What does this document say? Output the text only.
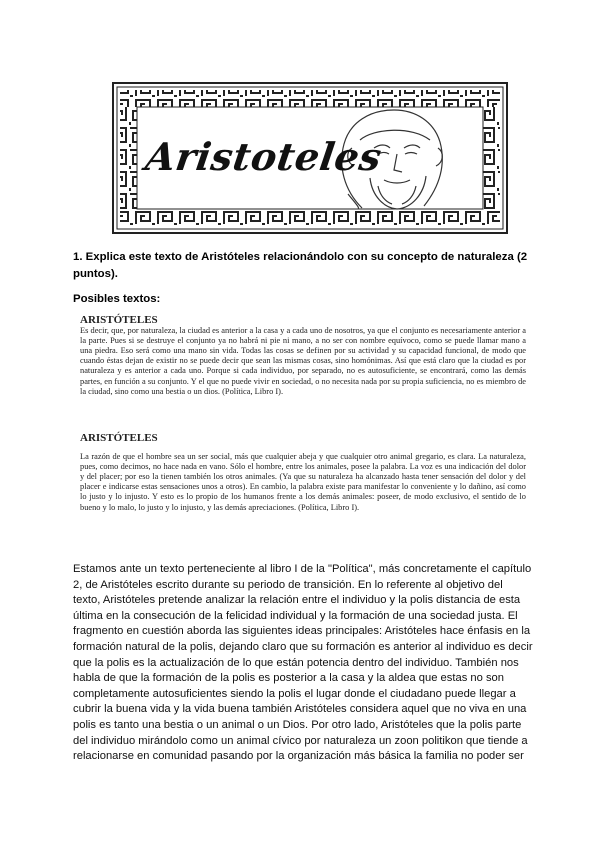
Aristoteles
1. Explica este texto de Aristóteles relacionándolo con su concepto de naturaleza (2 puntos).
Posibles textos:
ARISTÓTELES
Es decir, que, por naturaleza, la ciudad es anterior a la casa y a cada uno de nosotros, ya que el conjunto es necesariamente anterior a la parte. Pues si se destruye el conjunto ya no habrá ni pie ni mano, a no ser con nombre equívoco, como se puede llamar mano a una piedra. Eso será como una mano sin vida. Todas las cosas se definen por su actividad y su capacidad funcional, de modo que cuando éstas dejan de existir no se puede decir que sean las mismas cosas, sino homónimas. Así que está claro que la ciudad es por naturaleza y es anterior a cada uno. Porque si cada individuo, por separado, no es autosuficiente, se encontrará, como las demás partes, en función a su conjunto. Y el que no puede vivir en sociedad, o no necesita nada por su propia suficiencia, no es miembro de la ciudad, sino como una bestia o un dios. (Política, Libro I).
ARISTÓTELES
La razón de que el hombre sea un ser social, más que cualquier abeja y que cualquier otro animal gregario, es clara. La naturaleza, pues, como decimos, no hace nada en vano. Sólo el hombre, entre los animales, posee la palabra. La voz es una indicación del dolor y del placer; por eso la tienen también los otros animales. (Ya que su naturaleza ha alcanzado hasta tener sensación del dolor y del placer e indicarse estas sensaciones unos a otros). En cambio, la palabra existe para manifestar lo conveniente y lo dañino, así como lo justo y lo injusto. Y esto es lo propio de los humanos frente a los demás animales: poseer, de modo exclusivo, el sentido de lo bueno y lo malo, lo justo y lo injusto, y las demás apreciaciones. (Política, Libro I).
Estamos ante un texto perteneciente al libro I de la "Política", más concretamente el capítulo 2, de Aristóteles escrito durante su periodo de transición. En lo referente al objetivo del texto, Aristóteles pretende analizar la relación entre el individuo y la polis distancia de esta última en la consecución de la felicidad individual y la formación de una sociedad justa. El fragmento en cuestión aborda las siguientes ideas principales: Aristóteles hace énfasis en la formación natural de la polis, dejando claro que su formación es anterior al individuo es decir que la polis es la actualización de lo que están potencia dentro del individuo. También nos habla de que la formación de la polis es posterior a la casa y la aldea que estas no son completamente autosuficientes siendo la polis el lugar donde el ciudadano puede llegar a cubrir la buena vida y la vida buena también Aristóteles considera aquel que no viva en una polis es tanto una bestia o un animal o un Dios. Por otro lado, Aristóteles que la polis parte del individuo mirándolo como un animal cívico por naturaleza un zoon politikon que tiende a relacionarse en comunidad pasando por la organización más básica la familia no poder ser
